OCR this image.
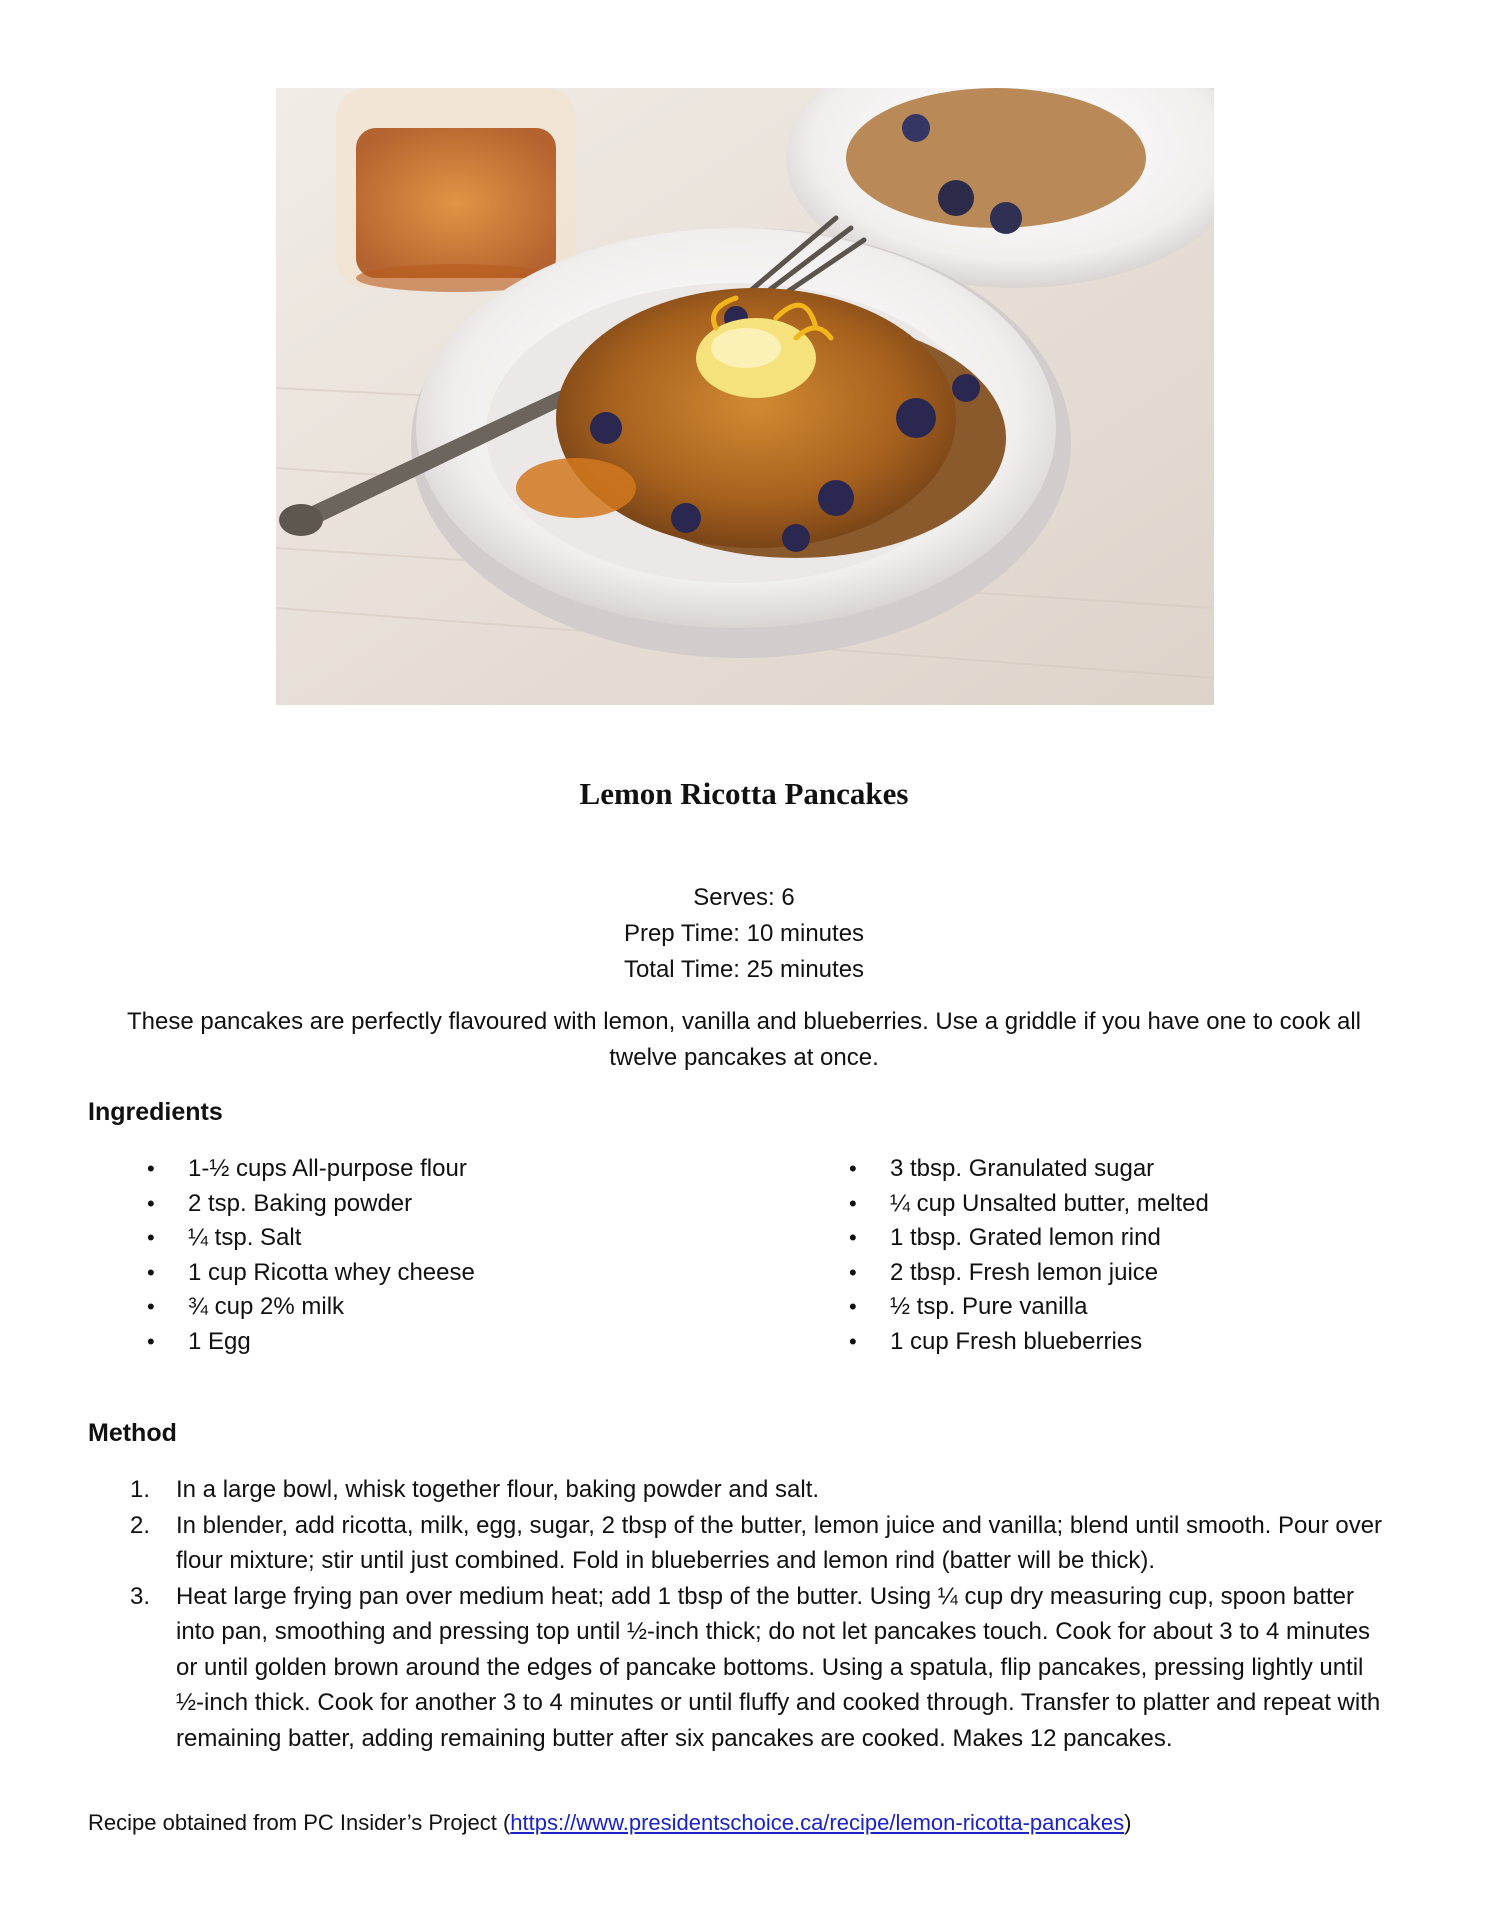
Lemon Ricotta Pancakes
Serves: 6
Prep Time: 10 minutes
Total Time: 25 minutes
These pancakes are perfectly flavoured with lemon, vanilla and blueberries. Use a griddle if you have one to cook all twelve pancakes at once.
Ingredients
• 1-½ cups All-purpose flour
• 2 tsp. Baking powder
• ¼ tsp. Salt
• 1 cup Ricotta whey cheese
• ¾ cup 2% milk
• 1 Egg
• 3 tbsp. Granulated sugar
• ¼ cup Unsalted butter, melted
• 1 tbsp. Grated lemon rind
• 2 tbsp. Fresh lemon juice
• ½ tsp. Pure vanilla
• 1 cup Fresh blueberries
Method
1. In a large bowl, whisk together flour, baking powder and salt.
2. In blender, add ricotta, milk, egg, sugar, 2 tbsp of the butter, lemon juice and vanilla; blend until smooth. Pour over flour mixture; stir until just combined. Fold in blueberries and lemon rind (batter will be thick).
3. Heat large frying pan over medium heat; add 1 tbsp of the butter. Using ¼ cup dry measuring cup, spoon batter into pan, smoothing and pressing top until ½-inch thick; do not let pancakes touch. Cook for about 3 to 4 minutes or until golden brown around the edges of pancake bottoms. Using a spatula, flip pancakes, pressing lightly until ½-inch thick. Cook for another 3 to 4 minutes or until fluffy and cooked through. Transfer to platter and repeat with remaining batter, adding remaining butter after six pancakes are cooked. Makes 12 pancakes.
Recipe obtained from PC Insider’s Project (https://www.presidentschoice.ca/recipe/lemon-ricotta-pancakes)
